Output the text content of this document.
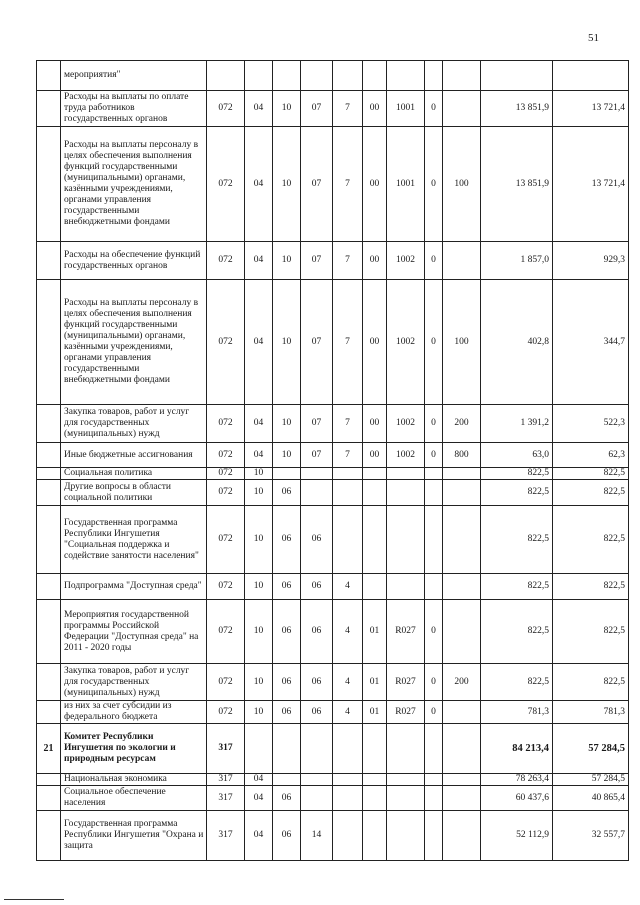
51
	мероприятия"											
	Расходы на выплаты по оплате труда работников государственных органов	072	04	10	07	7	00	1001	0		13 851,9	13 721,4
	Расходы на выплаты персоналу в целях обеспечения выполнения функций государственными (муниципальными) органами, казёнными учреждениями, органами управления государственными внебюджетными фондами	072	04	10	07	7	00	1001	0	100	13 851,9	13 721,4
	Расходы на обеспечение функций государственных органов	072	04	10	07	7	00	1002	0		1 857,0	929,3
	Расходы на выплаты персоналу в целях обеспечения выполнения функций государственными (муниципальными) органами, казёнными учреждениями, органами управления государственными внебюджетными фондами	072	04	10	07	7	00	1002	0	100	402,8	344,7
	Закупка товаров, работ и услуг для государственных (муниципальных) нужд	072	04	10	07	7	00	1002	0	200	1 391,2	522,3
	Иные бюджетные ассигнования	072	04	10	07	7	00	1002	0	800	63,0	62,3
	Социальная политика	072	10								822,5	822,5
	Другие вопросы в области социальной политики	072	10	06							822,5	822,5
	Государственная программа Республики Ингушетия "Социальная поддержка и содействие занятости населения"	072	10	06	06						822,5	822,5
	Подпрограмма "Доступная среда"	072	10	06	06	4					822,5	822,5
	Мероприятия государственной программы Российской Федерации "Доступная среда" на 2011 - 2020 годы	072	10	06	06	4	01	R027	0		822,5	822,5
	Закупка товаров, работ и услуг для государственных (муниципальных) нужд	072	10	06	06	4	01	R027	0	200	822,5	822,5
	из них за счет субсидии из федерального бюджета	072	10	06	06	4	01	R027	0		781,3	781,3
21	Комитет Республики Ингушетия по экологии и природным ресурсам	317									84 213,4	57 284,5
	Национальная экономика	317	04								78 263,4	57 284,5
	Социальное обеспечение населения	317	04	06							60 437,6	40 865,4
	Государственная программа Республики Ингушетия "Охрана и защита	317	04	06	14						52 112,9	32 557,7
